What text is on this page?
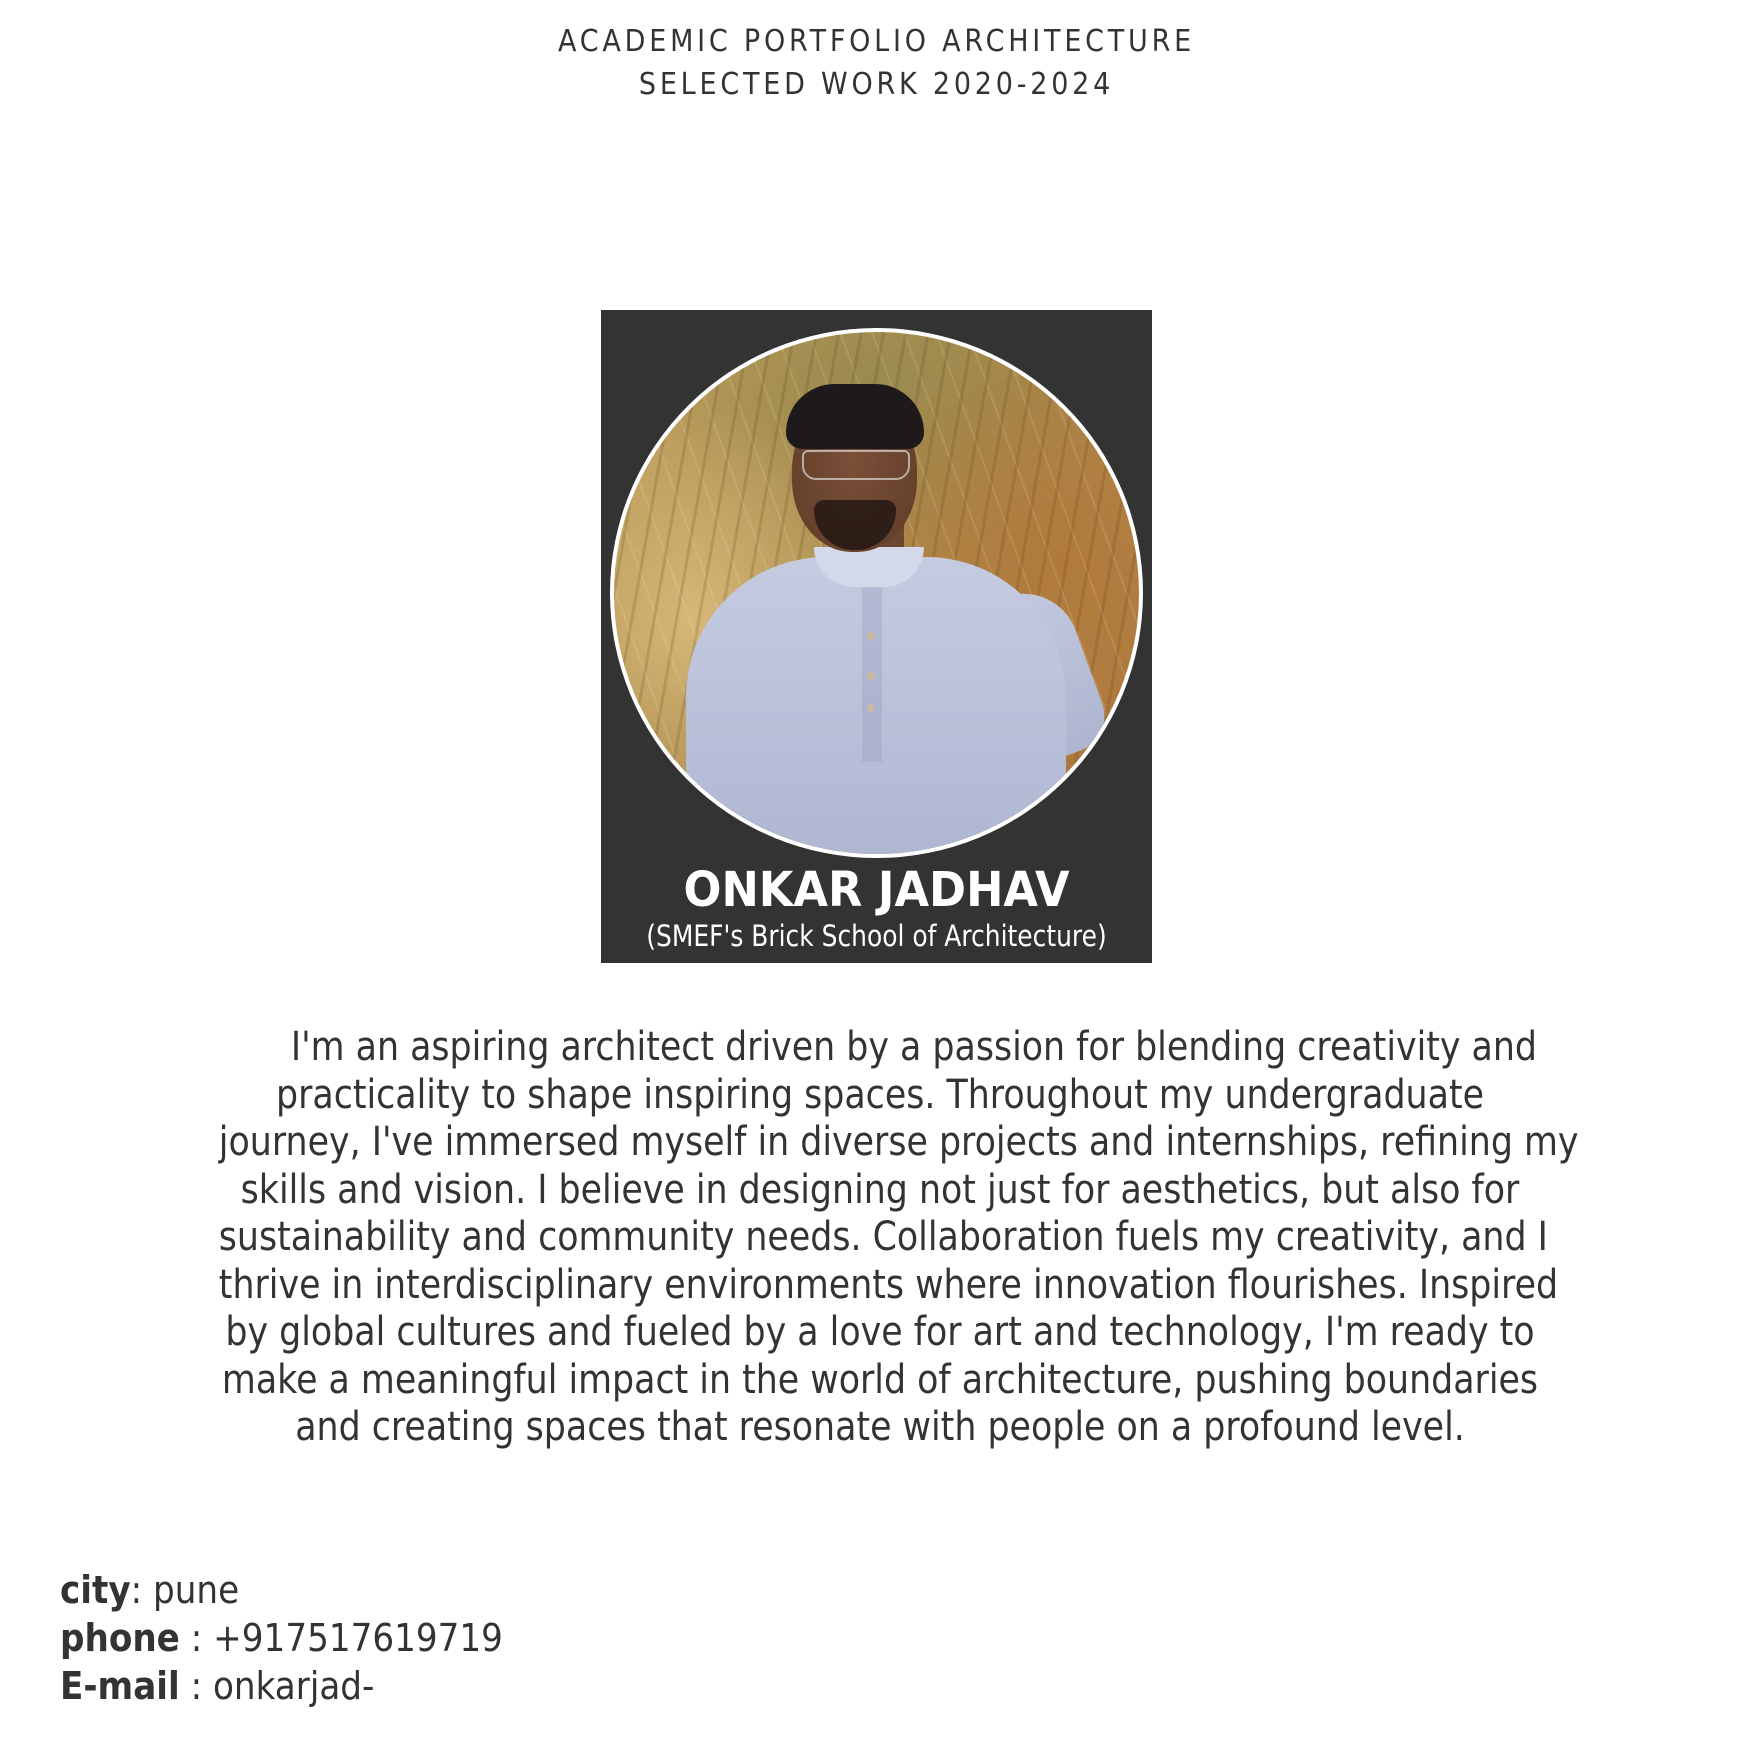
ACADEMIC PORTFOLIO ARCHITECTURE
SELECTED WORK 2020-2024
ONKAR JADHAV
(SMEF's Brick School of Architecture)
I'm an aspiring architect driven by a passion for blending creativity and
practicality to shape inspiring spaces. Throughout my undergraduate
journey, I've immersed myself in diverse projects and internships, refining my
skills and vision. I believe in designing not just for aesthetics, but also for
sustainability and community needs. Collaboration fuels my creativity, and I
thrive in interdisciplinary environments where innovation flourishes. Inspired
by global cultures and fueled by a love for art and technology, I'm ready to
make a meaningful impact in the world of architecture, pushing boundaries
and creating spaces that resonate with people on a profound level.
city: pune
phone : +917517619719
E-mail : onkarjad-
